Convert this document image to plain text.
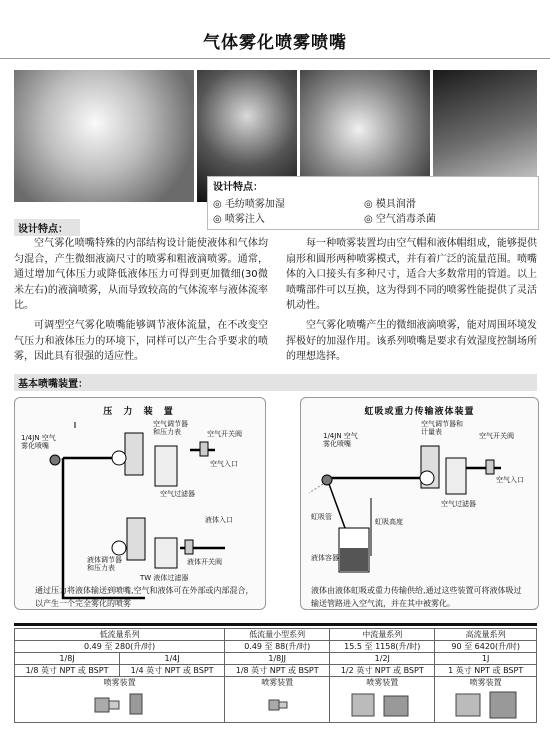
气体雾化喷雾喷嘴
设计特点：
◎ 毛纺喷雾加湿	◎ 模具润滑
◎ 喷雾注入	◎ 空气消毒杀菌
设计特点：
空气雾化喷嘴特殊的内部结构设计能使液体和气体均匀混合，产生微细液滴尺寸的喷雾和粗液滴喷雾。通常，通过增加气体压力或降低液体压力可得到更加微细(30微米左右)的液滴喷雾，从而导致较高的气体流率与液体流率比。
可调型空气雾化喷嘴能够调节液体流量，在不改变空气压力和液体压力的环境下，同样可以产生合乎要求的喷雾，因此具有很强的适应性。
每一种喷雾装置均由空气帽和液体帽组成，能够提供扇形和圆形两种喷雾模式，并有着广泛的流量范围。喷嘴体的入口接头有多种尺寸，适合大多数常用的管道。以上喷嘴部件可以互换，这为得到不同的喷雾性能提供了灵活机动性。
空气雾化喷嘴产生的微细液滴喷雾，能对周围环境发挥极好的加湿作用。该系列喷嘴是要求有效湿度控制场所的理想选择。
基本喷嘴装置：
压 力 装 置
1/4JN 空气
雾化喷嘴
空气调节器
和压力表	空气开关阀
空气入口
空气过滤器
液体入口
液体调节器
和压力表
液体开关阀
TW 液体过滤器
通过压力将液体输送到喷嘴,空气和液体可在外部或内部混合，以产生一个完全雾化的喷雾
虹吸或重力传输液体装置
1/4JN 空气
雾化喷嘴
空气调节器和
计量表	空气开关阀
空气入口
空气过滤器
虹吸管
虹吸高度
液体容器
液体由液体虹吸或重力传输供给,通过这些装置可将液体吸过输送管路进入空气流，并在其中被雾化。
低流量系列		低流量小型系列	中流量系列	高流量系列
0.49 至 280(升/时)		0.49 至 88(升/时)	15.5 至 1158(升/时)	90 至 6420(升/时)
1/8J	1/4J	1/8JJ	1/2J	1J
1/8 英寸 NPT 或 BSPT	1/4 英寸 NPT 或 BSPT	1/8 英寸 NPT 或 BSPT	1/2 英寸 NPT 或 BSPT	1 英寸 NPT 或 BSPT

喷雾装置		喷雾装置	喷雾装置	喷雾装置
